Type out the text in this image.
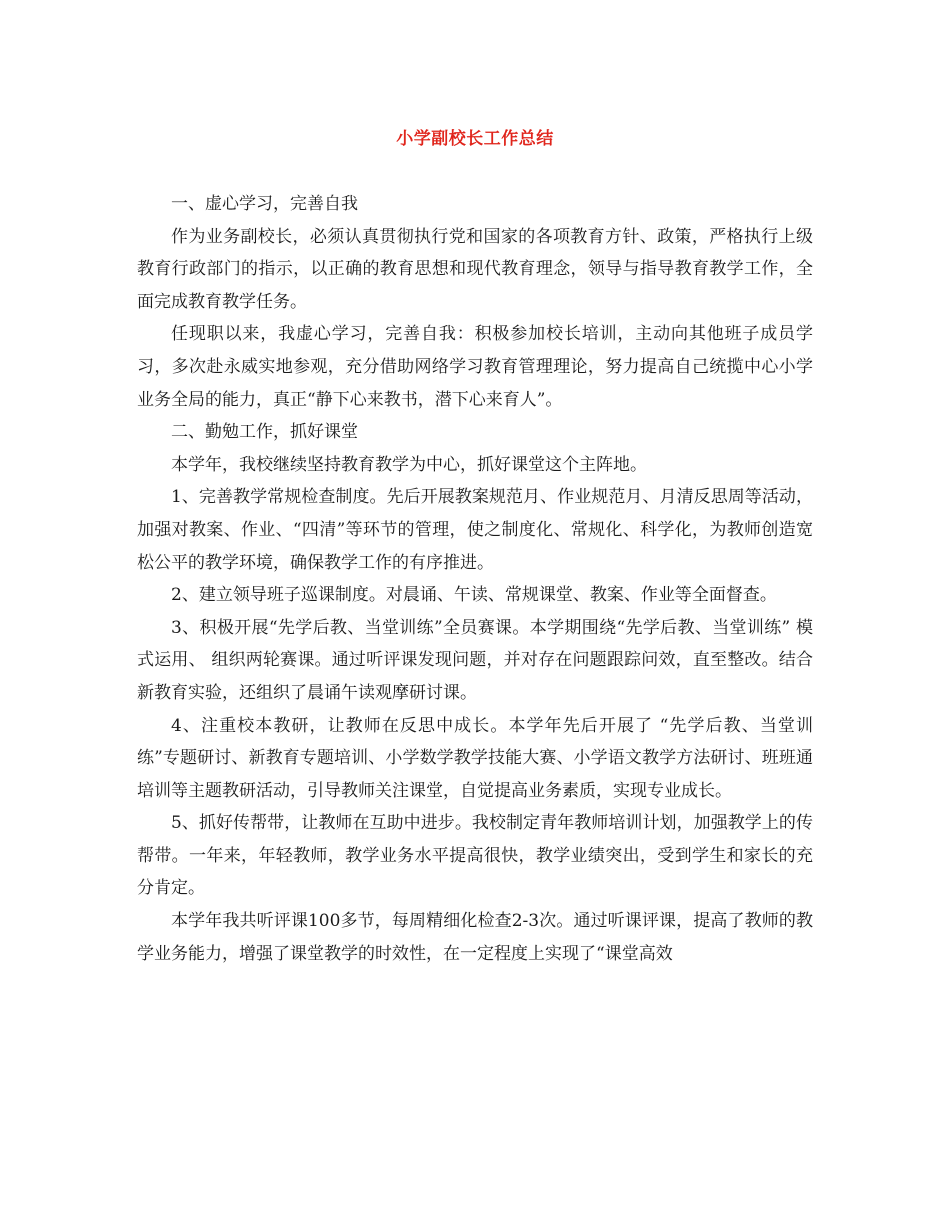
小学副校长工作总结

一、虚心学习，完善自我

作为业务副校长，必须认真贯彻执行党和国家的各项教育方针、政策，严格执行上级教育行政部门的指示，以正确的教育思想和现代教育理念，领导与指导教育教学工作，全面完成教育教学任务。

任现职以来，我虚心学习，完善自我：积极参加校长培训，主动向其他班子成员学习，多次赴永威实地参观，充分借助网络学习教育管理理论，努力提高自己统揽中心小学业务全局的能力，真正“静下心来教书，潜下心来育人”。

二、勤勉工作，抓好课堂

本学年，我校继续坚持教育教学为中心，抓好课堂这个主阵地。

1、完善教学常规检查制度。先后开展教案规范月、作业规范月、月清反思周等活动，加强对教案、作业、“四清”等环节的管理，使之制度化、常规化、科学化，为教师创造宽松公平的教学环境，确保教学工作的有序推进。

2、建立领导班子巡课制度。对晨诵、午读、常规课堂、教案、作业等全面督查。

3、积极开展“先学后教、当堂训练”全员赛课。本学期围绕“先学后教、当堂训练” 模式运用、 组织两轮赛课。通过听评课发现问题，并对存在问题跟踪问效，直至整改。结合新教育实验，还组织了晨诵午读观摩研讨课。

4、注重校本教研，让教师在反思中成长。本学年先后开展了 “先学后教、当堂训练”专题研讨、新教育专题培训、小学数学教学技能大赛、小学语文教学方法研讨、班班通培训等主题教研活动，引导教师关注课堂，自觉提高业务素质，实现专业成长。

5、抓好传帮带，让教师在互助中进步。我校制定青年教师培训计划，加强教学上的传帮带。一年来，年轻教师，教学业务水平提高很快，教学业绩突出，受到学生和家长的充分肯定。

本学年我共听评课100多节，每周精细化检查2-3次。通过听课评课，提高了教师的教学业务能力，增强了课堂教学的时效性，在一定程度上实现了“课堂高效
